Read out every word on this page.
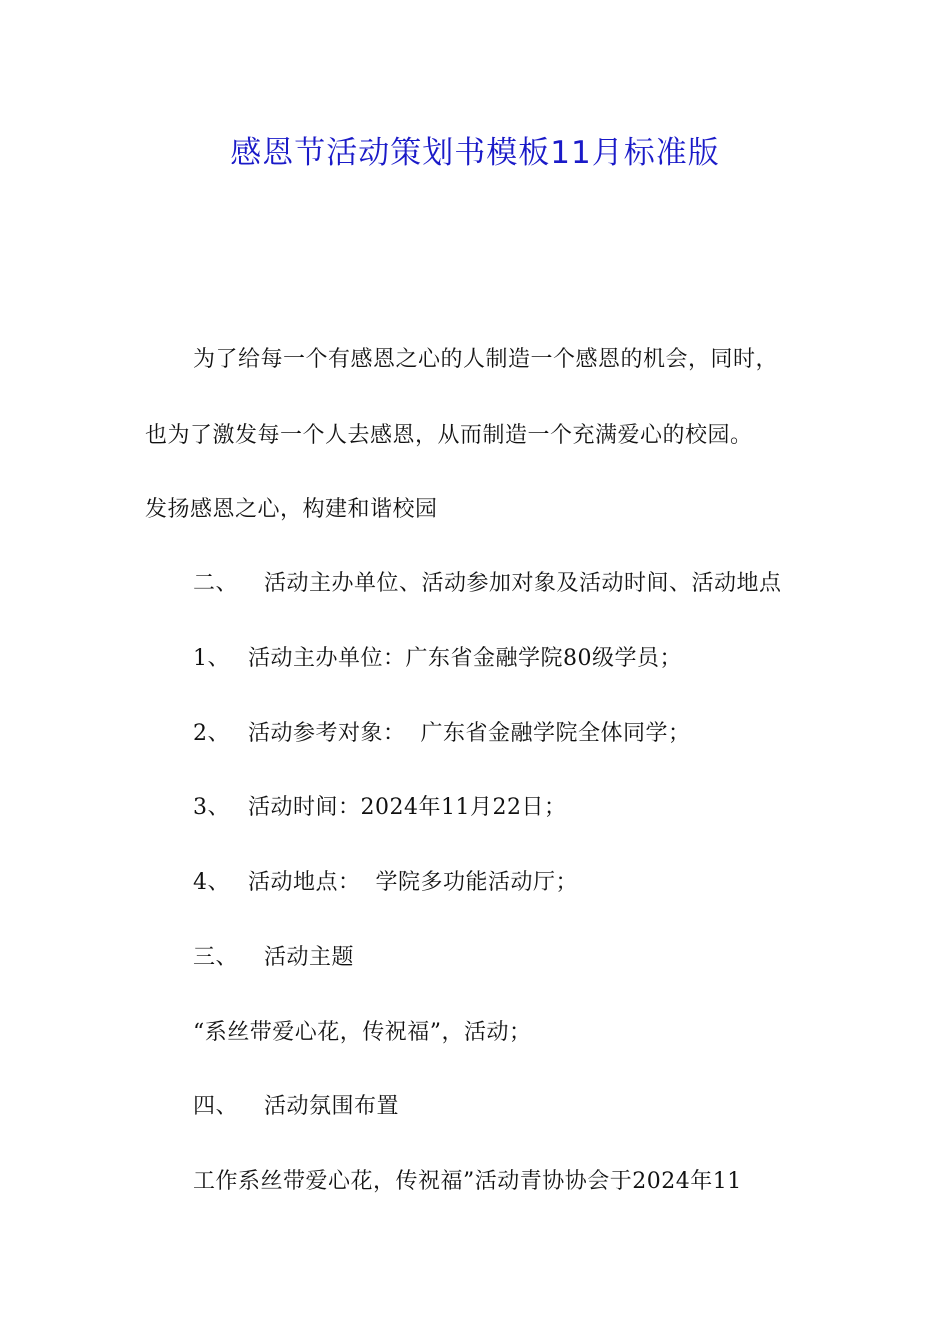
感恩节活动策划书模板11月标准版
为了给每一个有感恩之心的人制造一个感恩的机会，同时，
也为了激发每一个人去感恩，从而制造一个充满爱心的校园。
发扬感恩之心，构建和谐校园
二、 活动主办单位、活动参加对象及活动时间、活动地点
1、 活动主办单位：广东省金融学院80级学员；
2、 活动参考对象：  广东省金融学院全体同学；
3、 活动时间：2024年11月22日；
4、 活动地点：  学院多功能活动厅；
三、 活动主题
“系丝带爱心花，传祝福”，活动；
四、 活动氛围布置
工作系丝带爱心花，传祝福”活动青协协会于2024年11
